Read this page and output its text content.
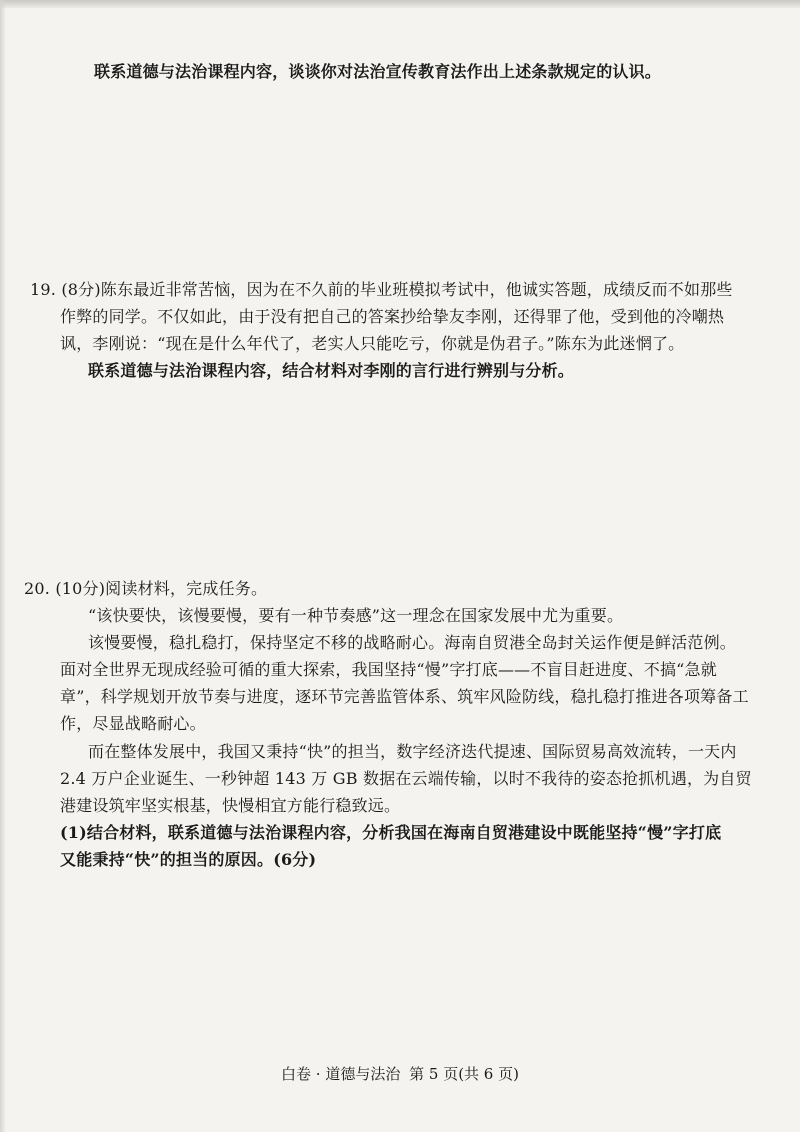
联系道德与法治课程内容，谈谈你对法治宣传教育法作出上述条款规定的认识。
19. (8分)陈东最近非常苦恼，因为在不久前的毕业班模拟考试中，他诚实答题，成绩反而不如那些
作弊的同学。不仅如此，由于没有把自己的答案抄给挚友李刚，还得罪了他，受到他的冷嘲热
讽，李刚说：“现在是什么年代了，老实人只能吃亏，你就是伪君子。”陈东为此迷惘了。
联系道德与法治课程内容，结合材料对李刚的言行进行辨别与分析。
20. (10分)阅读材料，完成任务。
“该快要快，该慢要慢，要有一种节奏感”这一理念在国家发展中尤为重要。
该慢要慢，稳扎稳打，保持坚定不移的战略耐心。海南自贸港全岛封关运作便是鲜活范例。
面对全世界无现成经验可循的重大探索，我国坚持“慢”字打底——不盲目赶进度、不搞“急就
章”，科学规划开放节奏与进度，逐环节完善监管体系、筑牢风险防线，稳扎稳打推进各项筹备工
作，尽显战略耐心。
而在整体发展中，我国又秉持“快”的担当，数字经济迭代提速、国际贸易高效流转，一天内
2.4 万户企业诞生、一秒钟超 143 万 GB 数据在云端传输，以时不我待的姿态抢抓机遇，为自贸
港建设筑牢坚实根基，快慢相宜方能行稳致远。
(1)结合材料，联系道德与法治课程内容，分析我国在海南自贸港建设中既能坚持“慢”字打底
又能秉持“快”的担当的原因。(6分)
白卷 · 道德与法治 第 5 页(共 6 页)
